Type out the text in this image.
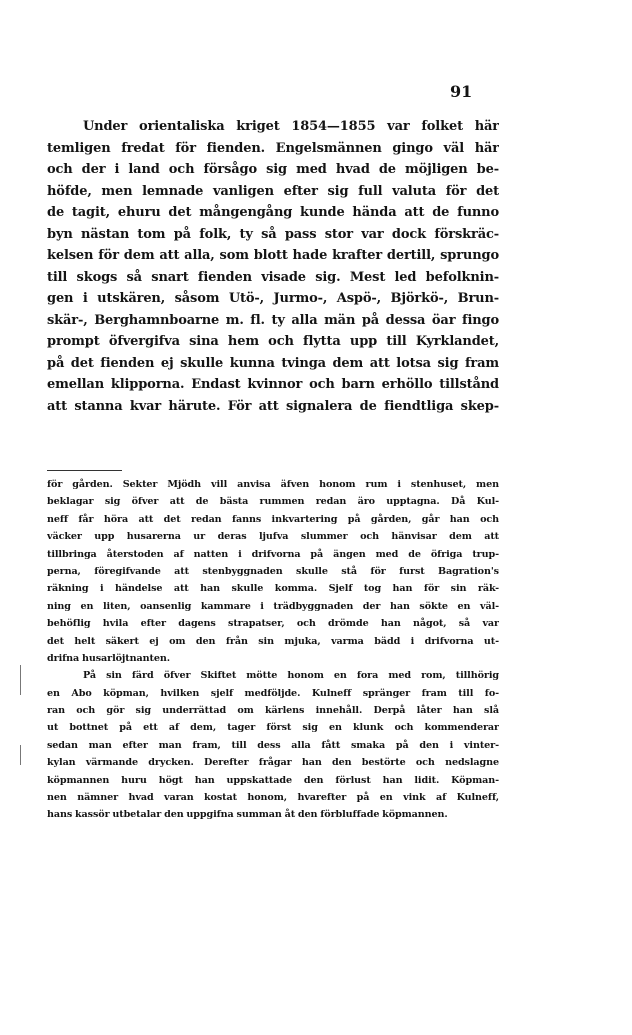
91
Under orientaliska kriget 1854—1855 var folket här
temligen fredat för fienden. Engelsmännen gingo väl här
och der i land och försågo sig med hvad de möjligen be-
höfde, men lemnade vanligen efter sig full valuta för det
de tagit, ehuru det mångengång kunde hända att de funno
byn nästan tom på folk, ty så pass stor var dock förskräc-
kelsen för dem att alla, som blott hade krafter dertill, sprungo
till skogs så snart fienden visade sig. Mest led befolknin-
gen i utskären, såsom Utö-, Jurmo-, Aspö-, Björkö-, Brun-
skär-, Berghamnboarne m. fl. ty alla män på dessa öar fingo
prompt öfvergifva sina hem och flytta upp till Kyrklandet,
på det fienden ej skulle kunna tvinga dem att lotsa sig fram
emellan klipporna. Endast kvinnor och barn erhöllo tillstånd
att stanna kvar härute. För att signalera de fiendtliga skep-
för gården. Sekter Mjödh vill anvisa äfven honom rum i stenhuset, men
beklagar sig öfver att de bästa rummen redan äro upptagna. Då Kul-
neff får höra att det redan fanns inkvartering på gården, går han och
väcker upp husarerna ur deras ljufva slummer och hänvisar dem att
tillbringa återstoden af natten i drifvorna på ängen med de öfriga trup-
perna, föregifvande att stenbyggnaden skulle stå för furst Bagration's
räkning i händelse att han skulle komma. Sjelf tog han för sin räk-
ning en liten, oansenlig kammare i trädbyggnaden der han sökte en väl-
behöflig hvila efter dagens strapatser, och drömde han något, så var
det helt säkert ej om den från sin mjuka, varma bädd i drifvorna ut-
drifna husarlöjtnanten.
På sin färd öfver Skiftet mötte honom en fora med rom, tillhörig
en Abo köpman, hvilken sjelf medföljde. Kulneff spränger fram till fo-
ran och gör sig underrättad om kärlens innehåll. Derpå låter han slå
ut bottnet på ett af dem, tager först sig en klunk och kommenderar
sedan man efter man fram, till dess alla fått smaka på den i vinter-
kylan värmande drycken. Derefter frågar han den bestörte och nedslagne
köpmannen huru högt han uppskattade den förlust han lidit. Köpman-
nen nämner hvad varan kostat honom, hvarefter på en vink af Kulneff,
hans kassör utbetalar den uppgifna summan åt den förbluffade köpmannen.
